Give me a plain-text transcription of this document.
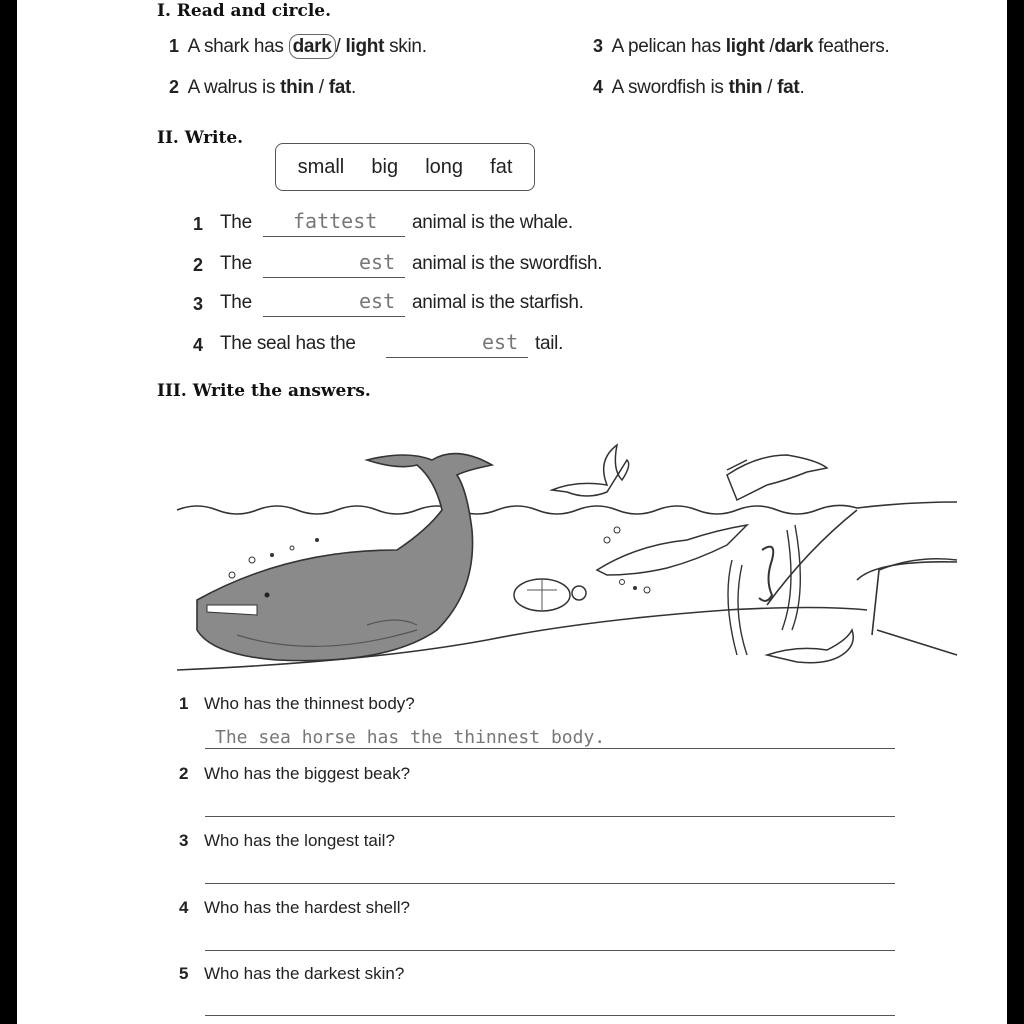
I. Read and circle.
1 A shark has dark / light skin.
2 A walrus is thin / fat.
3 A pelican has light /dark feathers.
4 A swordfish is thin / fat.
II. Write.
small big long fat
1 The fattest animal is the whale.
2 The	est animal is the swordfish.
3 The	est animal is the starfish.
4 The seal has the	est tail.
III. Write the answers.
1 Who has the thinnest body?
The sea horse has the thinnest body.
2 Who has the biggest beak?
3 Who has the longest tail?
4 Who has the hardest shell?
5 Who has the darkest skin?
